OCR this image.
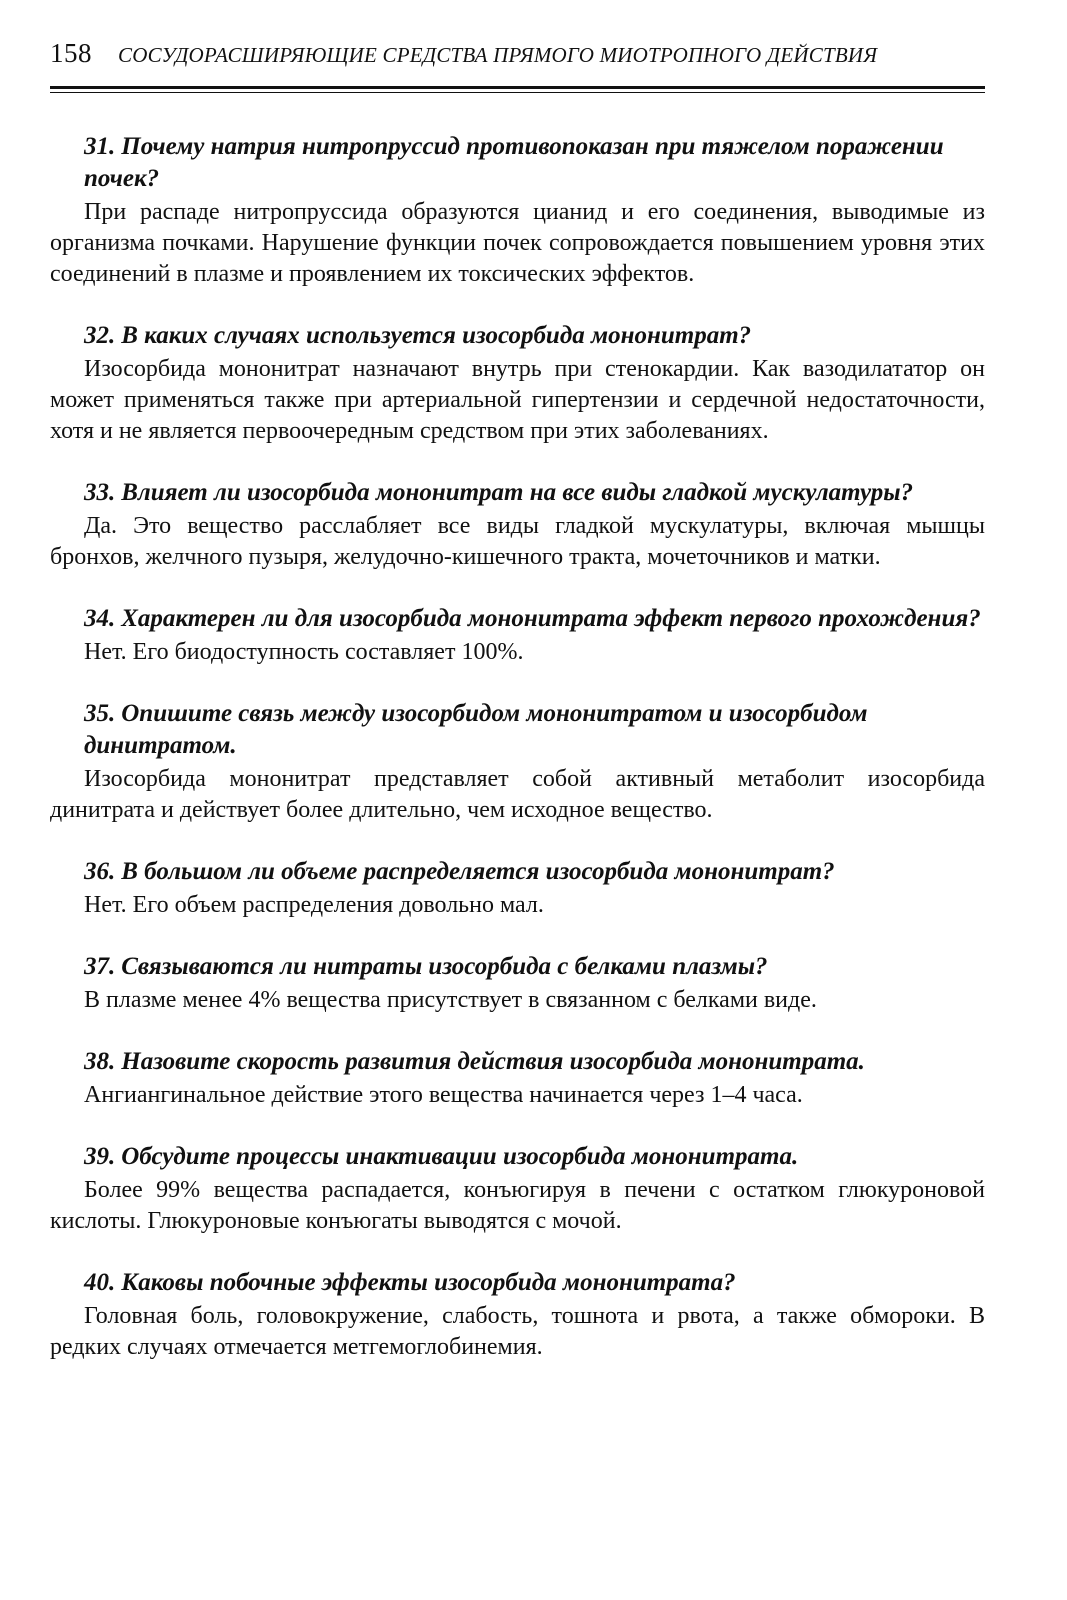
158 СОСУДОРАСШИРЯЮЩИЕ СРЕДСТВА ПРЯМОГО МИОТРОПНОГО ДЕЙСТВИЯ

31. Почему натрия нитропруссид противопоказан при тяжелом поражении почек?

При распаде нитропруссида образуются цианид и его соединения, выводимые из организма почками. Нарушение функции почек сопровождается повышением уровня этих соединений в плазме и проявлением их токсических эффектов.

32. В каких случаях используется изосорбида мононитрат?

Изосорбида мононитрат назначают внутрь при стенокардии. Как вазодилататор он может применяться также при артериальной гипертензии и сердечной недостаточности, хотя и не является первоочередным средством при этих заболеваниях.

33. Влияет ли изосорбида мононитрат на все виды гладкой мускулатуры?

Да. Это вещество расслабляет все виды гладкой мускулатуры, включая мышцы бронхов, желчного пузыря, желудочно-кишечного тракта, мочеточников и матки.

34. Характерен ли для изосорбида мононитрата эффект первого прохождения?

Нет. Его биодоступность составляет 100%.

35. Опишите связь между изосорбидом мононитратом и изосорбидом динитратом.

Изосорбида мононитрат представляет собой активный метаболит изосорбида динитрата и действует более длительно, чем исходное вещество.

36. В большом ли объеме распределяется изосорбида мононитрат?

Нет. Его объем распределения довольно мал.

37. Связываются ли нитраты изосорбида с белками плазмы?

В плазме менее 4% вещества присутствует в связанном с белками виде.

38. Назовите скорость развития действия изосорбида мононитрата.

Ангиангинальное действие этого вещества начинается через 1–4 часа.

39. Обсудите процессы инактивации изосорбида мононитрата.

Более 99% вещества распадается, конъюгируя в печени с остатком глюкуроновой кислоты. Глюкуроновые конъюгаты выводятся с мочой.

40. Каковы побочные эффекты изосорбида мононитрата?

Головная боль, головокружение, слабость, тошнота и рвота, а также обмороки. В редких случаях отмечается метгемоглобинемия.
